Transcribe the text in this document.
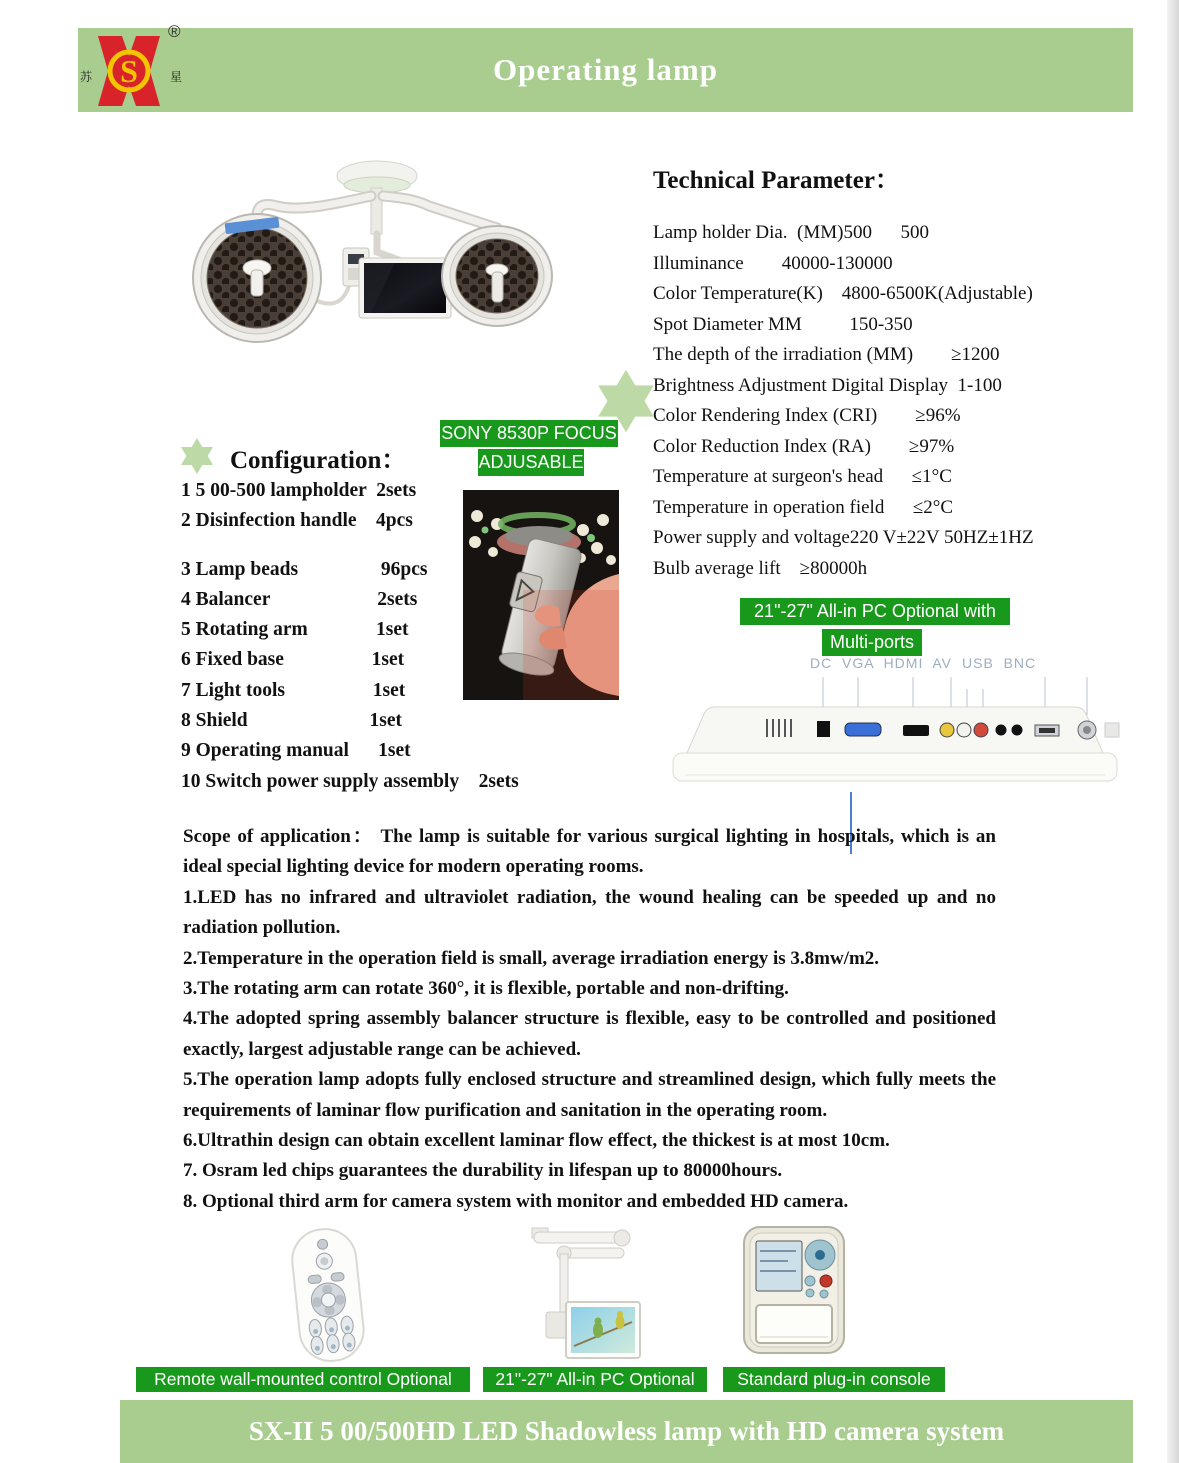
Operating lamp
S
苏	星
®
Technical Parameter：
Lamp holder Dia.  (MM)500      500
Illuminance        40000-130000
Color Temperature(K)    4800-6500K(Adjustable)
Spot Diameter MM          150-350
The depth of the irradiation (MM)        ≥1200
Brightness Adjustment Digital Display  1-100
Color Rendering Index (CRI)        ≥96%
Color Reduction Index (RA)        ≥97%
Temperature at surgeon's head      ≤1°C
Temperature in operation field      ≤2°C
Power supply and voltage220 V±22V 50HZ±1HZ
Bulb average lift    ≥80000h
Configuration：
1 5 00-500 lampholder  2sets
2 Disinfection handle    4pcs
3 Lamp beads                 96pcs
4 Balancer                      2sets
5 Rotating arm              1set
6 Fixed base                  1set
7 Light tools                  1set
8 Shield                         1set
9 Operating manual      1set
10 Switch power supply assembly    2sets
SONY 8530P FOCUS
ADJUSABLE
21"-27" All-in PC Optional with
Multi-ports
DC  VGA  HDMI  AV USB  BNC

Scope of application： The lamp is suitable for various surgical lighting in hospitals, which is an ideal special lighting device for modern operating rooms.

1.LED has no infrared and ultraviolet radiation, the wound healing can be speeded up and no radiation pollution.

2.Temperature in the operation field is small, average irradiation energy is 3.8mw/m2.

3.The rotating arm can rotate 360°, it is flexible, portable and non-drifting.

4.The adopted spring assembly balancer structure is flexible, easy to be controlled and positioned exactly, largest adjustable range can be achieved.

5.The operation lamp adopts fully enclosed structure and streamlined design, which fully meets the requirements of laminar flow purification and sanitation in the operating room.

6.Ultrathin design can obtain excellent laminar flow effect, the thickest is at most 10cm.

7. Osram led chips guarantees the durability in lifespan up to 80000hours.

8. Optional third arm for camera system with monitor and embedded HD camera.

Remote wall-mounted control Optional	21"-27" All-in PC Optional	Standard plug-in console
SX-II 5 00/500HD LED Shadowless lamp with HD camera system
